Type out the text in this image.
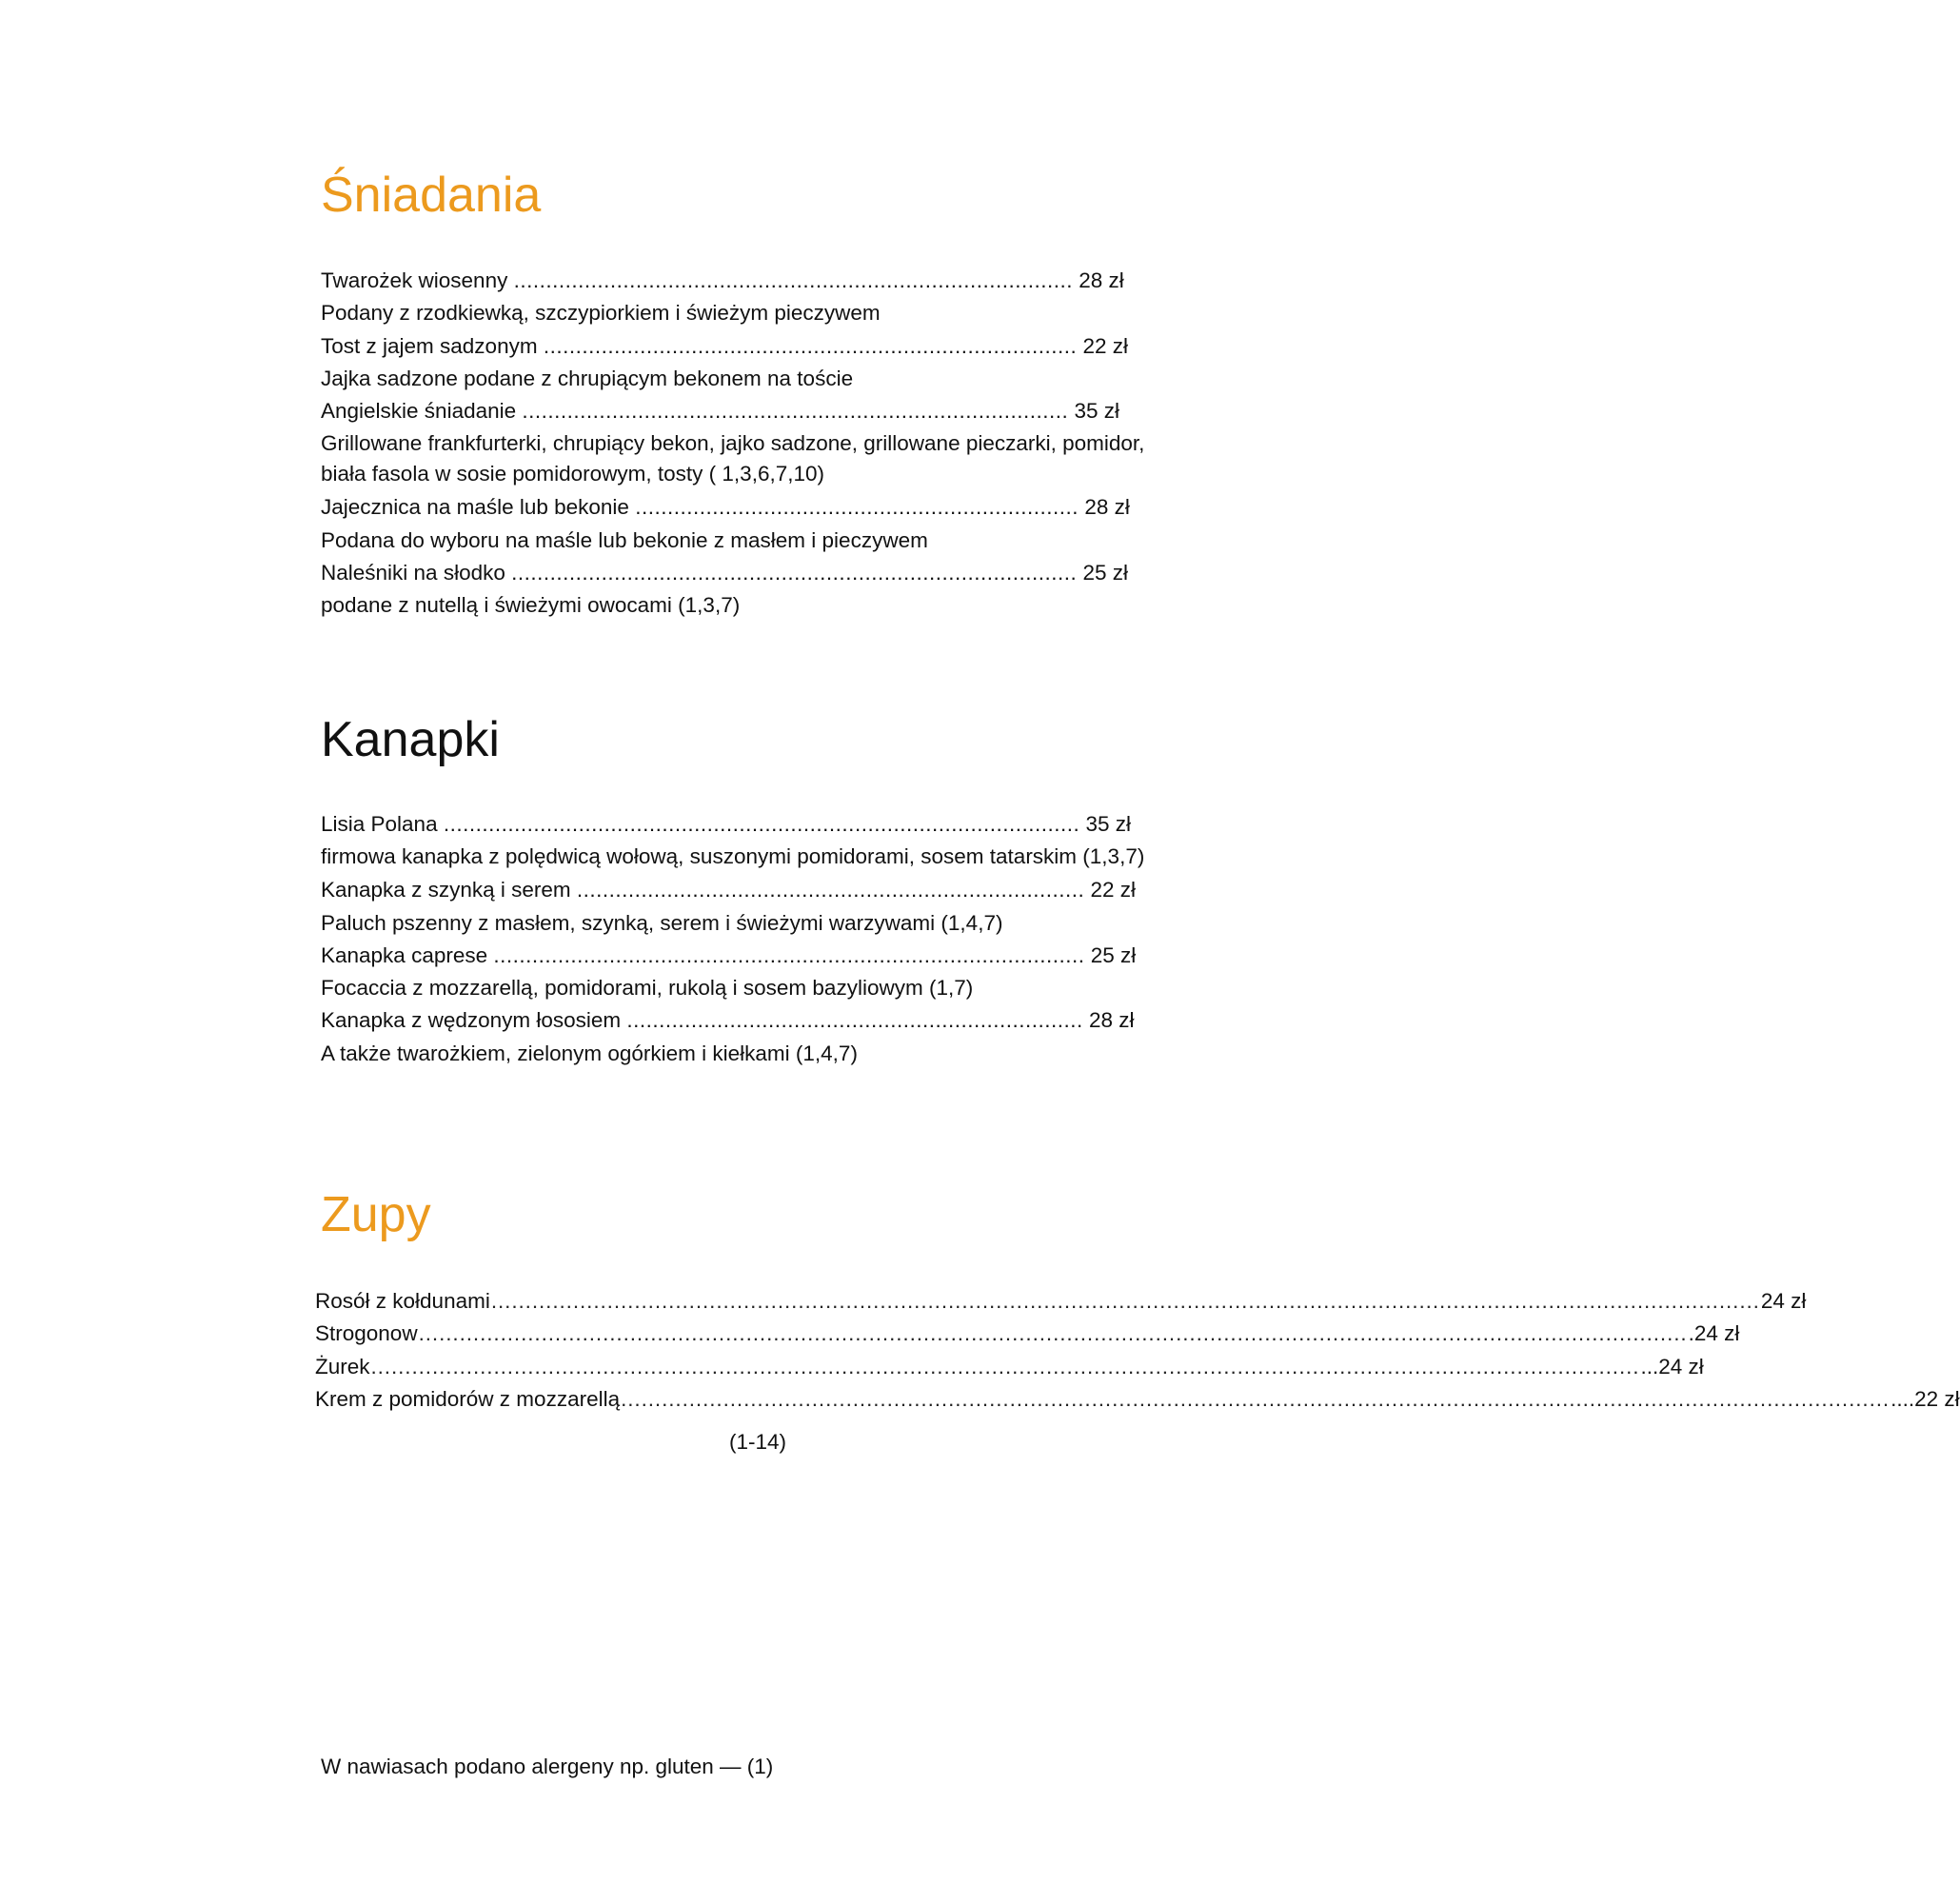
Śniadania
Twarożek wiosenny ....................................................................................... 28 zł
Podany z rzodkiewką, szczypiorkiem i świeżym pieczywem
Tost z jajem sadzonym ................................................................................... 22 zł
Jajka sadzone podane z chrupiącym bekonem na toście
Angielskie śniadanie ..................................................................................... 35 zł
Grillowane frankfurterki, chrupiący bekon, jajko sadzone, grillowane pieczarki, pomidor, biała fasola w sosie pomidorowym, tosty ( 1,3,6,7,10)
Jajecznica na maśle lub bekonie ..................................................................... 28 zł
Podana do wyboru na maśle lub bekonie z masłem i pieczywem
Naleśniki na słodko ........................................................................................ 25 zł
podane z nutellą i świeżymi owocami (1,3,7)
Kanapki
Lisia Polana ................................................................................................... 35 zł
firmowa kanapka z polędwicą wołową, suszonymi pomidorami, sosem tatarskim (1,3,7)
Kanapka z szynką i serem ............................................................................... 22 zł
Paluch pszenny z masłem, szynką, serem i świeżymi warzywami (1,4,7)
Kanapka caprese ............................................................................................ 25 zł
Focaccia z mozzarellą, pomidorami, rukolą i sosem bazyliowym (1,7)
Kanapka z wędzonym łososiem ....................................................................... 28 zł
A także twarożkiem, zielonym ogórkiem i kiełkami (1,4,7)
Zupy
Rosół z kołdunami …………………………………………………………………………………………………………………………………………………………………… 24 zł
Strogonow …………………………………………………………………………………………………………………………………………………………………… .24 zł
Żurek …………………………………………………………………………………………………………………………………………………………………… ...24 zł
Krem z pomidorów z mozzarellą …………………………………………………………………………………………………………………………………………………………………… ....22 zł
(1-14)
W nawiasach podano alergeny np. gluten — (1)
